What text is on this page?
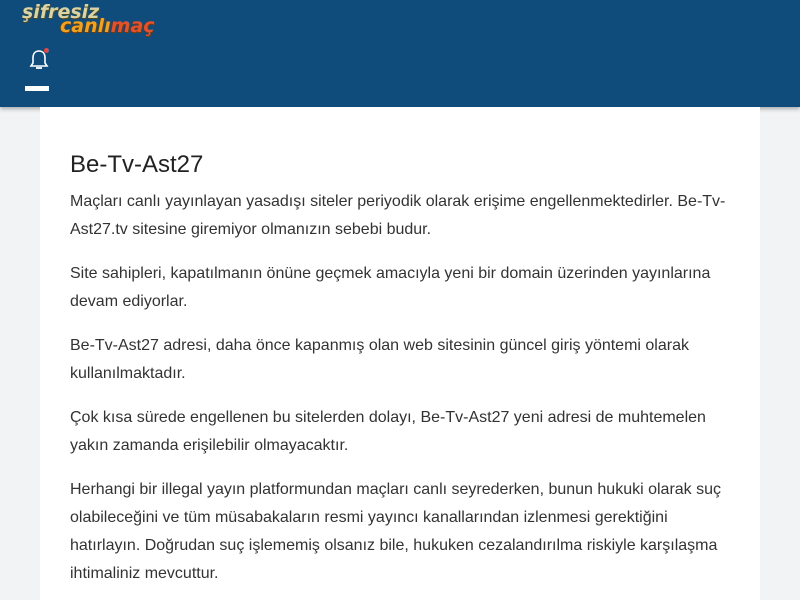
şifresiz
canlımaç
Be-Tv-Ast27

Maçları canlı yayınlayan yasadışı siteler periyodik olarak erişime engellenmektedirler. Be-Tv-Ast27.tv sitesine giremiyor olmanızın sebebi budur.

Site sahipleri, kapatılmanın önüne geçmek amacıyla yeni bir domain üzerinden yayınlarına devam ediyorlar.

Be-Tv-Ast27 adresi, daha önce kapanmış olan web sitesinin güncel giriş yöntemi olarak kullanılmaktadır.

Çok kısa sürede engellenen bu sitelerden dolayı, Be-Tv-Ast27 yeni adresi de muhtemelen yakın zamanda erişilebilir olmayacaktır.

Herhangi bir illegal yayın platformundan maçları canlı seyrederken, bunun hukuki olarak suç olabileceğini ve tüm müsabakaların resmi yayıncı kanallarından izlenmesi gerektiğini hatırlayın. Doğrudan suç işlememiş olsanız bile, hukuken cezalandırılma riskiyle karşılaşma ihtimaliniz mevcuttur.
